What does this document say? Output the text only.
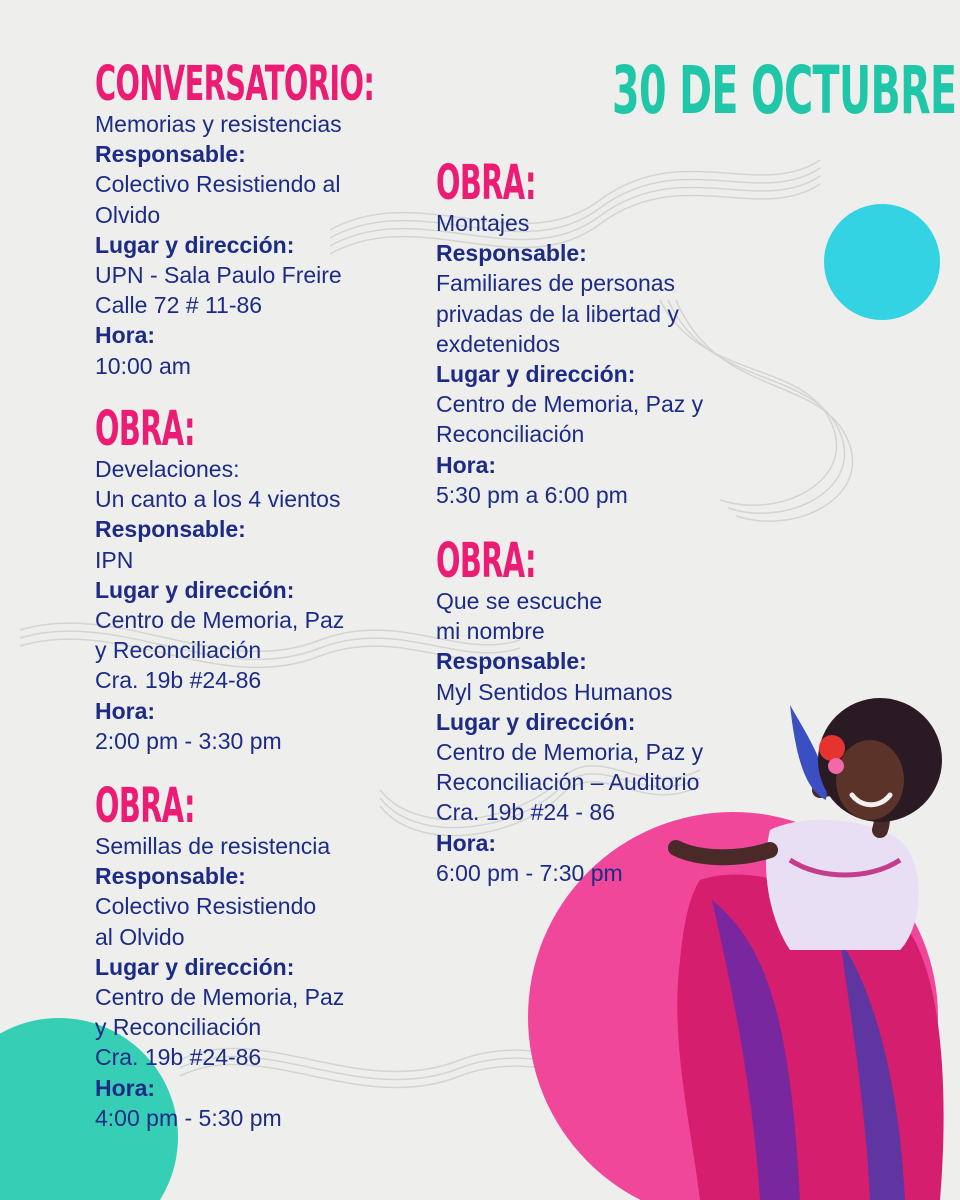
30 DE OCTUBRE
CONVERSATORIO:
Memorias y resistencias
Responsable:
Colectivo Resistiendo al
Olvido
Lugar y dirección:
UPN - Sala Paulo Freire
Calle 72 # 11-86
Hora:
10:00 am
OBRA:
Develaciones:
Un canto a los 4 vientos
Responsable:
IPN
Lugar y dirección:
Centro de Memoria, Paz
y Reconciliación
Cra. 19b #24-86
Hora:
2:00 pm - 3:30 pm
OBRA:
Semillas de resistencia
Responsable:
Colectivo Resistiendo
al Olvido
Lugar y dirección:
Centro de Memoria, Paz
y Reconciliación
Cra. 19b #24-86
Hora:
4:00 pm - 5:30 pm
OBRA:
Montajes
Responsable:
Familiares de personas
privadas de la libertad y
exdetenidos
Lugar y dirección:
Centro de Memoria, Paz y
Reconciliación
Hora:
5:30 pm a 6:00 pm
OBRA:
Que se escuche
mi nombre
Responsable:
Myl Sentidos Humanos
Lugar y dirección:
Centro de Memoria, Paz y
Reconciliación – Auditorio
Cra. 19b #24 - 86
Hora:
6:00 pm - 7:30 pm
